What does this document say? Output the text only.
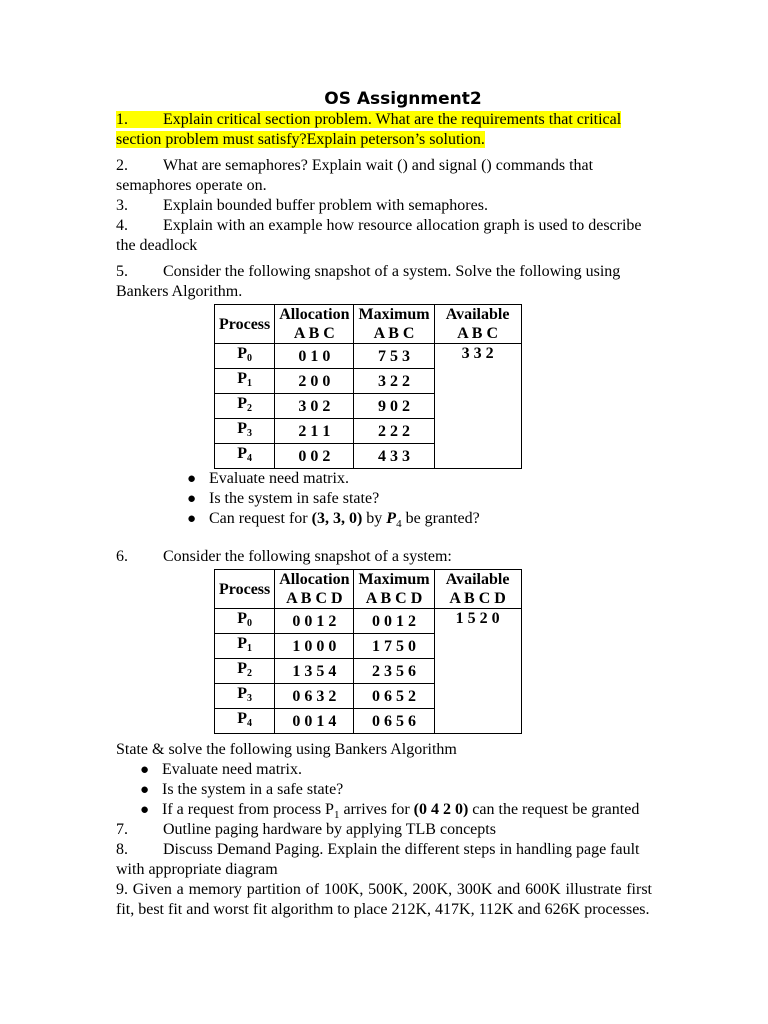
OS Assignment2
1. Explain critical section problem. What are the requirements that critical section problem must satisfy?Explain peterson’s solution.
2. What are semaphores? Explain wait () and signal () commands that semaphores operate on.
3. Explain bounded buffer problem with semaphores.
4. Explain with an example how resource allocation graph is used to describe the deadlock
5. Consider the following snapshot of a system. Solve the following using Bankers Algorithm.
Process	Allocation	Maximum	Available
	A B C	A B C	A B C
$P_0$	0 1 0	7 5 3	3 3 2
$P_1$	2 0 0	3 2 2	
$P_2$	3 0 2	9 0 2	
$P_3$	2 1 1	2 2 2	
$P_4$	0 0 2	4 3 3	
● Evaluate need matrix.
● Is the system in safe state?
● Can request for (3, 3, 0) by $P_4$ be granted?
6. Consider the following snapshot of a system:
Process	Allocation	Maximum	Available
	A B C D	A B C D	A B C D
$P_0$	0 0 1 2	0 0 1 2	1 5 2 0
$P_1$	1 0 0 0	1 7 5 0	
$P_2$	1 3 5 4	2 3 5 6	
$P_3$	0 6 3 2	0 6 5 2	
$P_4$	0 0 1 4	0 6 5 6	
State & solve the following using Bankers Algorithm
● Evaluate need matrix.
● Is the system in a safe state?
● If a request from process $P_1$ arrives for (0 4 2 0) can the request be granted
7. Outline paging hardware by applying TLB concepts
8. Discuss Demand Paging. Explain the different steps in handling page fault with appropriate diagram
9. Given a memory partition of 100K, 500K, 200K, 300K and 600K illustrate first fit, best fit and worst fit algorithm to place 212K, 417K, 112K and 626K processes.
